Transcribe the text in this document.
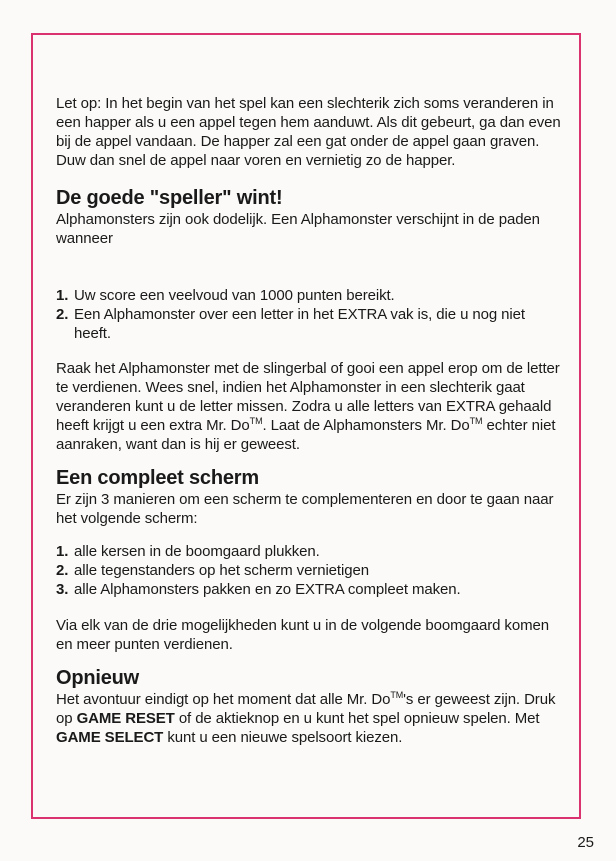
Let op: In het begin van het spel kan een slechterik zich soms veranderen in een happer als u een appel tegen hem aanduwt. Als dit gebeurt, ga dan even bij de appel vandaan. De happer zal een gat onder de appel gaan graven. Duw dan snel de appel naar voren en vernietig zo de happer.

De goede "speller" wint!

Alphamonsters zijn ook dodelijk. Een Alphamonster verschijnt in de paden wanneer

1. Uw score een veelvoud van 1000 punten bereikt.
2. Een Alphamonster over een letter in het EXTRA vak is, die u nog niet heeft.

Raak het Alphamonster met de slingerbal of gooi een appel erop om de letter te verdienen. Wees snel, indien het Alphamonster in een slechterik gaat veranderen kunt u de letter missen. Zodra u alle letters van EXTRA gehaald heeft krijgt u een extra Mr. Do™. Laat de Alphamonsters Mr. Do™ echter niet aanraken, want dan is hij er geweest.

Een compleet scherm

Er zijn 3 manieren om een scherm te complementeren en door te gaan naar het volgende scherm:

1. alle kersen in de boomgaard plukken.
2. alle tegenstanders op het scherm vernietigen
3. alle Alphamonsters pakken en zo EXTRA compleet maken.

Via elk van de drie mogelijkheden kunt u in de volgende boomgaard komen en meer punten verdienen.

Opnieuw

Het avontuur eindigt op het moment dat alle Mr. Do™'s er geweest zijn. Druk op GAME RESET of de aktieknop en u kunt het spel opnieuw spelen. Met GAME SELECT kunt u een nieuwe spelsoort kiezen.

25
